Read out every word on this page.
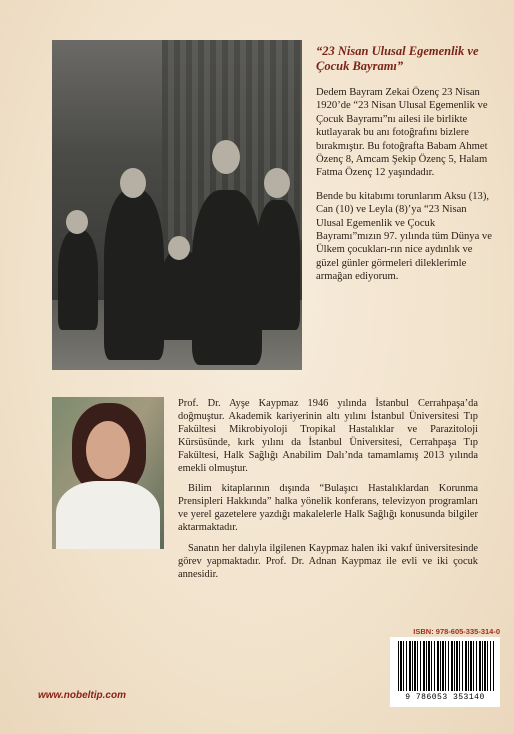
“23 Nisan Ulusal Egemenlik ve Çocuk Bayramı”

Dedem Bayram Zekai Özenç 23 Nisan 1920’de “23 Nisan Ulusal Egemenlik ve Çocuk Bayramı”nı ailesi ile birlikte kutlayarak bu anı fotoğrafını bizlere bırakmıştır. Bu fotoğrafta Babam Ahmet Özenç 8, Amcam Şekip Özenç 5, Halam Fatma Özenç 12 yaşındadır.

Bende bu kitabımı torunlarım Aksu (13), Can (10) ve Leyla (8)’ya “23 Nisan Ulusal Egemenlik ve Çocuk Bayramı”mızın 97. yılında tüm Dünya ve Ülkem çocukları-rın nice aydınlık ve güzel günler görmeleri dileklerimle armağan ediyorum.

Prof. Dr. Ayşe Kaypmaz 1946 yılında İstanbul Cerrahpaşa’da doğmuştur. Akademik kariyerinin altı yılını İstanbul Üniversitesi Tıp Fakültesi Mikrobiyoloji Tropikal Hastalıklar ve Parazitoloji Kürsüsünde, kırk yılını da İstanbul Üniversitesi, Cerrahpaşa Tıp Fakültesi, Halk Sağlığı Anabilim Dalı’nda tamamlamış 2013 yılında emekli olmuştur.

Bilim kitaplarının dışında “Bulaşıcı Hastalıklardan Korunma Prensipleri Hakkında” halka yönelik konferans, televizyon programları ve yerel gazetelere yazdığı makalelerle Halk Sağlığı konusunda bilgiler aktarmaktadır.

Sanatın her dalıyla ilgilenen Kaypmaz halen iki vakıf üniversitesinde görev yapmaktadır. Prof. Dr. Adnan Kaypmaz ile evli ve iki çocuk annesidir.

ISBN: 978-605-335-314-0
9 786053 353140
www.nobeltip.com
